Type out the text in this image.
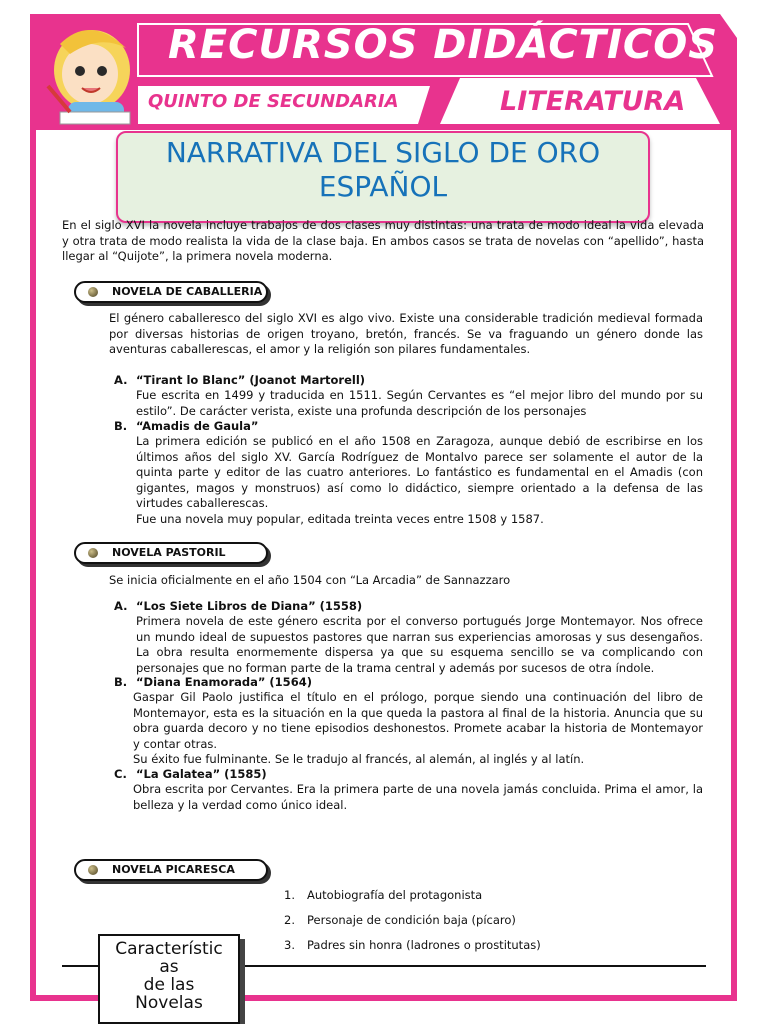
RECURSOS DIDÁCTICOS
QUINTO DE SECUNDARIA	LITERATURA
NARRATIVA DEL SIGLO DE ORO
ESPAÑOL
En el siglo XVI la novela incluye trabajos de dos clases muy distintas: una trata de modo ideal la vida elevada y otra trata de modo realista la vida de la clase baja. En ambos casos se trata de novelas con “apellido”, hasta llegar al “Quijote”, la primera novela moderna.
NOVELA DE CABALLERIA
El género caballeresco del siglo XVI es algo vivo. Existe una considerable tradición medieval formada por diversas historias de origen troyano, bretón, francés. Se va fraguando un género donde las aventuras caballerescas, el amor y la religión son pilares fundamentales.
A. “Tirant lo Blanc” (Joanot Martorell)
Fue escrita en 1499 y traducida en 1511. Según Cervantes es “el mejor libro del mundo por su estilo”. De carácter verista, existe una profunda descripción de los personajes
B. “Amadis de Gaula”
La primera edición se publicó en el año 1508 en Zaragoza, aunque debió de escribirse en los últimos años del siglo XV. García Rodríguez de Montalvo parece ser solamente el autor de la quinta parte y editor de las cuatro anteriores. Lo fantástico es fundamental en el Amadis (con gigantes, magos y monstruos) así como lo didáctico, siempre orientado a la defensa de las virtudes caballerescas.
Fue una novela muy popular, editada treinta veces entre 1508 y 1587.
NOVELA PASTORIL
Se inicia oficialmente en el año 1504 con “La Arcadia” de Sannazzaro
A. “Los Siete Libros de Diana” (1558)
Primera novela de este género escrita por el converso portugués Jorge Montemayor. Nos ofrece un mundo ideal de supuestos pastores que narran sus experiencias amorosas y sus desengaños. La obra resulta enormemente dispersa ya que su esquema sencillo se va complicando con personajes que no forman parte de la trama central y además por sucesos de otra índole.
B. “Diana Enamorada” (1564)
Gaspar Gil Paolo justifica el título en el prólogo, porque siendo una continuación del libro de Montemayor, esta es la situación en la que queda la pastora al final de la historia. Anuncia que su obra guarda decoro y no tiene episodios deshonestos. Promete acabar la historia de Montemayor y contar otras.
Su éxito fue fulminante. Se le tradujo al francés, al alemán, al inglés y al latín.
C. “La Galatea” (1585)
Obra escrita por Cervantes. Era la primera parte de una novela jamás concluida. Prima el amor, la belleza y la verdad como único ideal.
NOVELA PICARESCA
1. Autobiografía del protagonista
2. Personaje de condición baja (pícaro)
3. Padres sin honra (ladrones o prostitutas)
Característic
as
de las
Novelas
